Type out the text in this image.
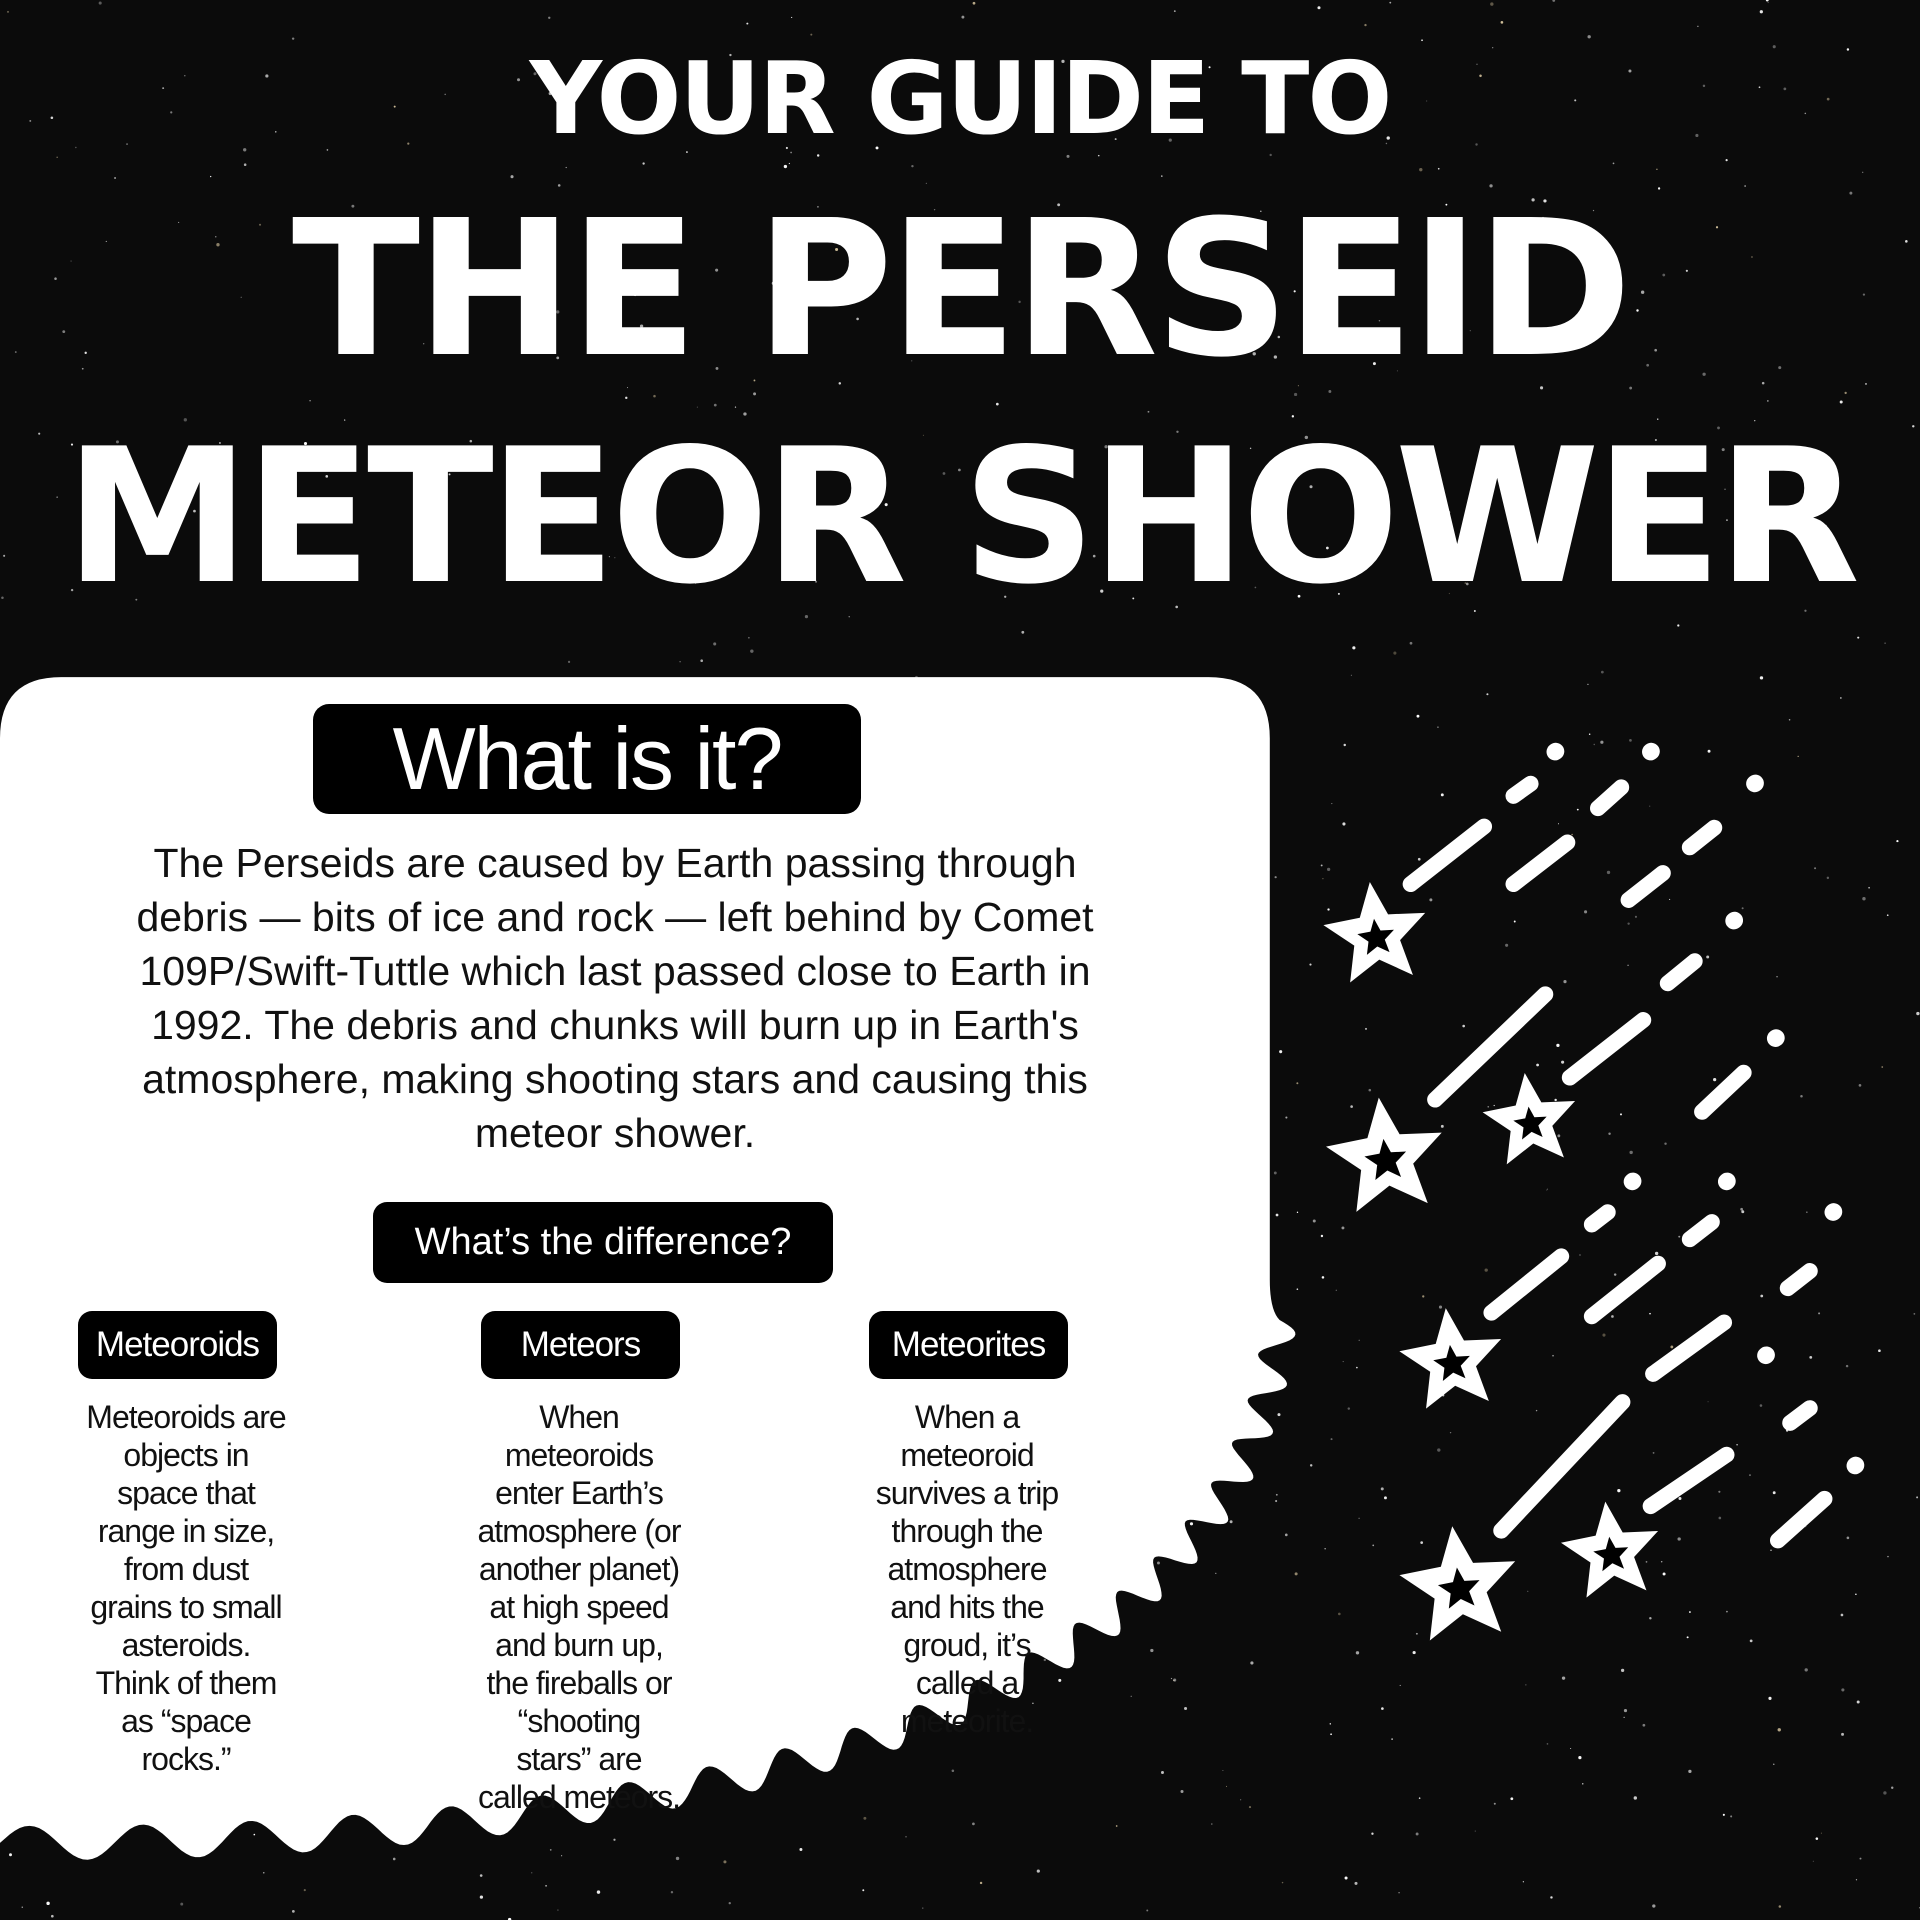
YOUR GUIDE TO
THE PERSEID
METEOR SHOWER
What is it?
The Perseids are caused by Earth passing through
debris — bits of ice and rock — left behind by Comet
109P/Swift-Tuttle which last passed close to Earth in
1992. The debris and chunks will burn up in Earth's
atmosphere, making shooting stars and causing this
meteor shower.
What’s the difference?
Meteoroids	Meteors	Meteorites
Meteoroids are
objects in
space that
range in size,
from dust
grains to small
asteroids.
Think of them
as “space
rocks.”
When
meteoroids
enter Earth’s
atmosphere (or
another planet)
at high speed
and burn up,
the fireballs or
“shooting
stars” are
called meteors.
When a
meteoroid
survives a trip
through the
atmosphere
and hits the
groud, it’s
called a
meteorite.
